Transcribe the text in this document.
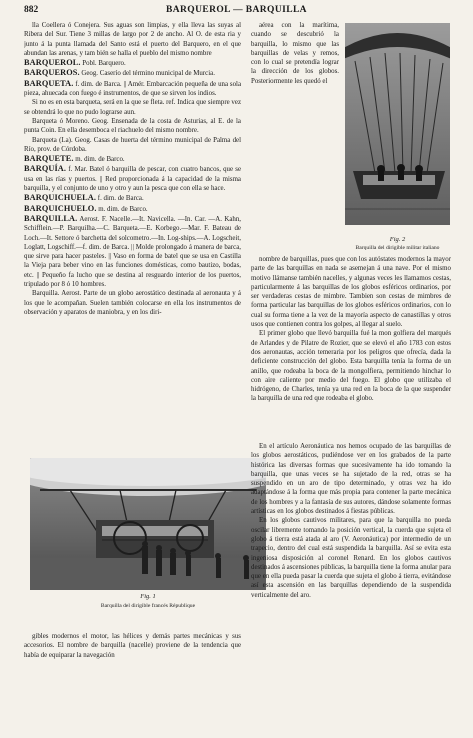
882	BARQUEROL — BARQUILLA

lla Coellera ó Conejera. Sus aguas son limpias, y ella lleva las suyas al Ribera del Sur. Tiene 3 millas de largo por 2 de ancho. Al O. de esta ria y junto á la punta llamada del Santo está el puerto del Barquero, en el que abundan las arenas, y tam bién se halla el pueblo del mismo nombre

BARQUEROL. Pobl. Barquero.

BARQUEROS. Geog. Caserío del término municipal de Murcia.

BARQUETA. f. dim. de Barca. || Amér. Embarcación pequeña de una sola pieza, ahuecada con fuego é instrumentos, de que se sirven los indios.

Si no es en esta barqueta, será en la que se fleta. ref. Indica que siempre vez se obtendrá lo que no pudo lograrse aun.

Barqueta ó Moreno. Geog. Ensenada de la costa de Asturias, al E. de la punta Coin. En ella desemboca el riachuelo del mismo nombre.

Barqueta (La). Geog. Casas de huerta del término municipal de Palma del Río, prov. de Córdoba.

BARQUETE. m. dim. de Barco.

BARQUÍA. f. Mar. Batel ó barquilla de pescar, con cuatro bancos, que se usa en las rías y puertos. || Red proporcionada á la capacidad de la misma barquilla, y el conjunto de uno y otro y aun la pesca que con ella se hace.

BARQUICHUELA. f. dim. de Barca.

BARQUICHUELO. m. dim. de Barco.

BARQUILLA. Aerost. F. Nacelle.—It. Navicella. —In. Car. —A. Kahn, Schifflein.—P. Barquilha.—C. Barqueta.—E. Korbego.—Mar. F. Bateau de Loch.—It. Settore ó barchetta del solcometro.—In. Log-ships.—A. Logscheit, Loglatt, Logschiff.—f. dim. de Barca. || Molde prolongado á manera de barca, que sirve para hacer pasteles. || Vaso en forma de batel que se usa en Castilla la Vieja para beber vino en las funciones domésticas, como bautizo, bodas, etc. || Pequeño fa lucho que se destina al resguardo interior de los puertos, tripulado por 8 ó 10 hombres.

Barquilla. Aerost. Parte de un globo aerostático destinada al aeronauta y á los que le acompañan. Suelen también colocarse en ella los instrumentos de observación y aparatos de maniobra, y en los diri-

Fig. 1
Barquilla del dirigible francés République

gibles modernos el motor, las hélices y demás partes mecánicas y sus accesorios. El nombre de barquilla (nacelle) proviene de la tendencia que había de equiparar la navegación

aérea con la marítima, cuando se descubrió la barquilla, lo mismo que las barquillas de velas y remos, con lo cual se pretendía lograr la dirección de los globos. Posteriormente les quedó el

Fig. 2
Barquilla del dirigible militar italiano

nombre de barquillas, pues que con los autóstates modernos la mayor parte de las barquillas en nada se asemejan á una nave. Por el mismo motivo llámanse también nacelles, y algunas veces les llamamos cestas, particularmente á las barquillas de los globos esféricos ordinarios, por ser verdaderas cestas de mimbre. Tambien son cestas de mimbres de forma particular las barquillas de los globos esféricos ordinarios, con lo cual su forma tiene a la vez de la mayoría aspecto de canastillas y otros usos que contienen contra los golpes, al llegar al suelo.

El primer globo que llevó barquilla fué la mon golfiera del marqués de Arlandes y de Pilatre de Rozier, que se elevó el año 1783 con estos dos aeronautas, acción temeraria por los peligros que ofrecía, dada la deficiente construcción del globo. Esta barquilla tenía la forma de un anillo, que rodeaba la boca de la mongolfiera, permitiendo hinchar lo con aire caliente por medio del fuego. El globo que utilizaba el hidrógeno, de Charles, tenía ya una red en la boca de la que suspender la barquilla de una red que rodeaba el globo.

En el artículo Aeronáutica nos hemos ocupado de las barquillas de los globos aerostáticos, pudiéndose ver en los grabados de la parte histórica las diversas formas que sucesivamente ha ido tomando la barquilla, que unas veces se ha sujetado de la red, otras se ha suspendido en un aro de tipo determinado, y otras vez ha ido adaptándose á la forma que más propia para contener la parte mecánica de los hombres y a la fantasía de sus autores, dándose solamente formas artísticas en los globos destinados á fiestas públicas.

En los globos cautivos militares, para que la barquilla no pueda oscilar libremente tomando la posición vertical, la cuerda que sujeta el globo á tierra está atada al aro (V. Aeronáutica) por intermedio de un trapecio, dentro del cual está suspendida la barquilla. Así se evita esta ingeniosa disposición al coronel Renard. En los globos cautivos destinados á ascensiones públicas, la barquilla tiene la forma anular para que en ella pueda pasar la cuerda que sujeta el globo á tierra, evitándose así esta ascensión en las barquillas dependiendo de la suspendida verticalmente del aro.
